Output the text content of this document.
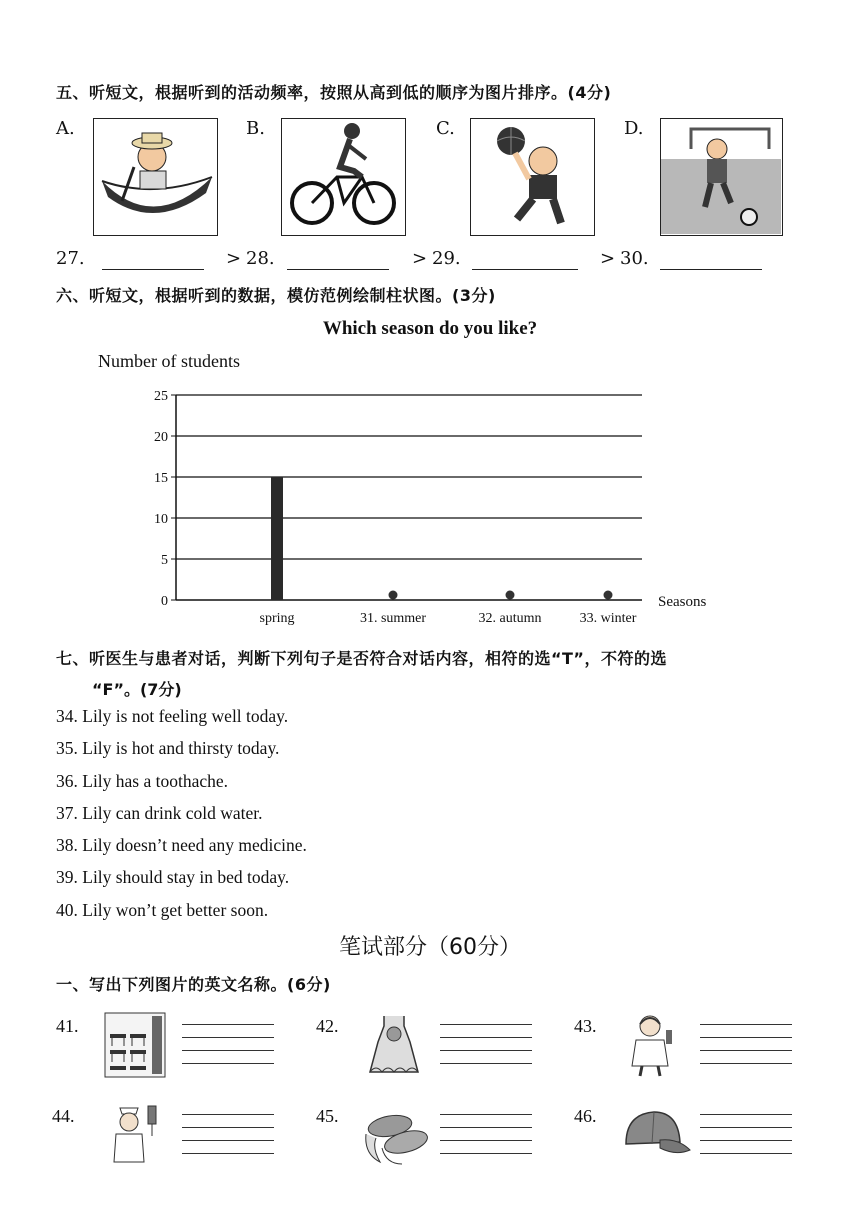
五、听短文，根据听到的活动频率，按照从高到低的顺序为图片排序。(4分)
A.	B.	C.	D.
27.	> 28.	> 29.	> 30.
六、听短文，根据听到的数据，模仿范例绘制柱状图。(3分)
Which season do you like?
Number of students
0
5
10
15
20
25
spring	31. summer	32. autumn	33. winter
Seasons
七、听医生与患者对话，判断下列句子是否符合对话内容，相符的选“T”，不符的选
“F”。(7分)
34. Lily is not feeling well today.
35. Lily is hot and thirsty today.
36. Lily has a toothache.
37. Lily can drink cold water.
38. Lily doesn’t need any medicine.
39. Lily should stay in bed today.
40. Lily won’t get better soon.
笔试部分（60分）
一、写出下列图片的英文名称。(6分)
41.	42.	43.
44.	45.	46.
